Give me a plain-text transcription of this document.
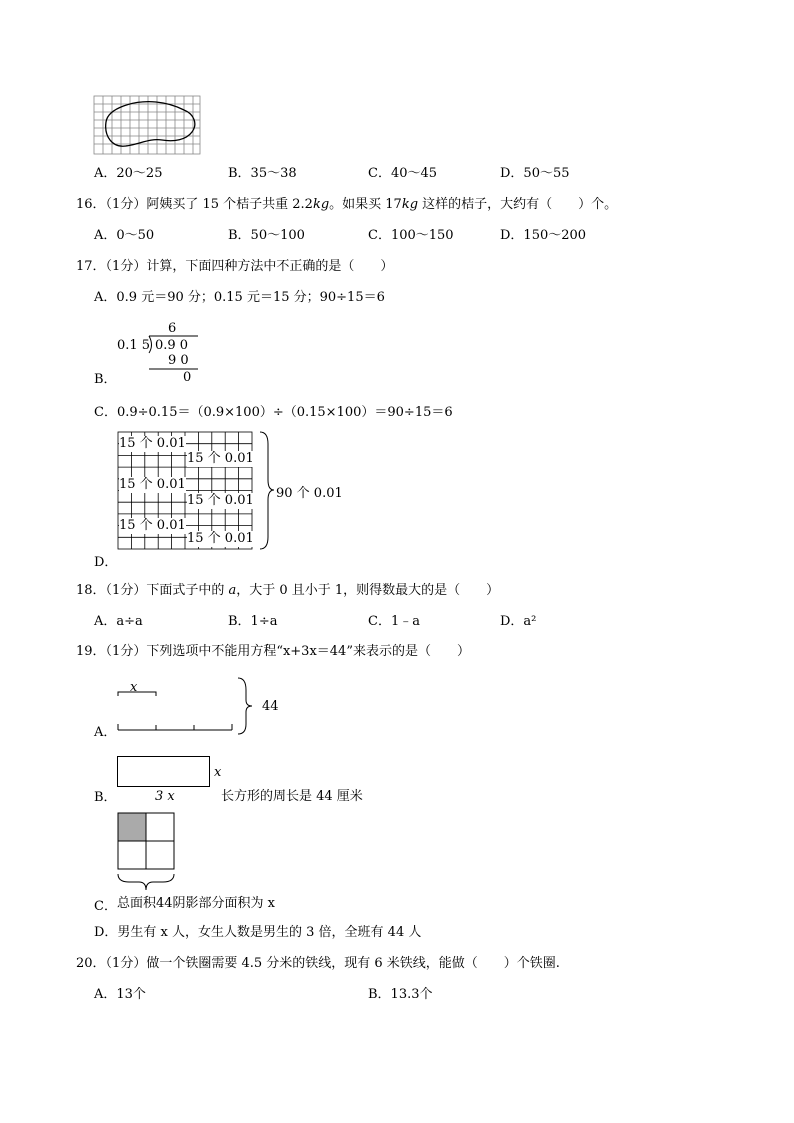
A．20～25	B．35～38	C．40～45	D．50～55
16．（1分）阿姨买了 15 个桔子共重 2.2kg。如果买 17kg 这样的桔子，大约有（　　）个。
A．0～50	B．50～100	C．100～150	D．150～200
17．（1分）计算，下面四种方法中不正确的是（　　）
A．0.9 元＝90 分；0.15 元＝15 分；90÷15＝6
6
0.1 5 0.9 0
9 0
0
B．
C．0.9÷0.15＝（0.9×100）÷（0.15×100）＝90÷15＝6
15 个 0.01
15 个 0.01
15 个 0.01
15 个 0.01
15 个 0.01
15 个 0.01
90 个 0.01
D．
18．（1分）下面式子中的 a，大于 0 且小于 1，则得数最大的是（　　）
A．a÷a	B．1÷a	C．1﹣a	D．a²
19．（1分）下列选项中不能用方程“x+3x＝44”来表示的是（　　）
x
44
A．
x
3 x	长方形的周长是 44 厘米
B．
C．总面积44阴影部分面积为 x
D．男生有 x 人，女生人数是男生的 3 倍，全班有 44 人
20．（1分）做一个铁圈需要 4.5 分米的铁线，现有 6 米铁线，能做（　　）个铁圈.
A．13个	B．13.3个
